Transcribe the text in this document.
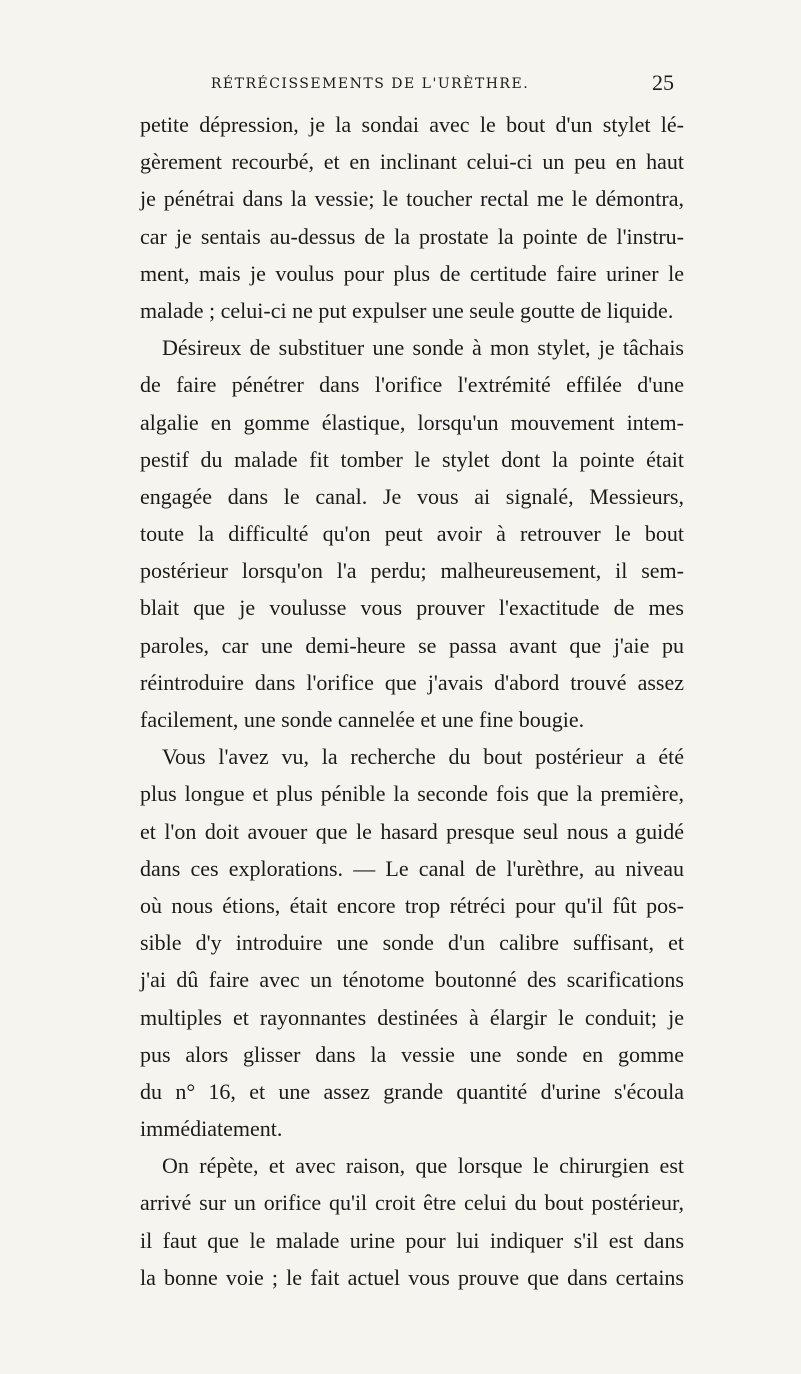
RÉTRÉCISSEMENTS DE L'URÈTHRE.	25
petite dépression, je la sondai avec le bout d'un stylet lé-
gèrement recourbé, et en inclinant celui-ci un peu en haut
je pénétrai dans la vessie; le toucher rectal me le démontra,
car je sentais au-dessus de la prostate la pointe de l'instru-
ment, mais je voulus pour plus de certitude faire uriner le
malade ; celui-ci ne put expulser une seule goutte de liquide.
Désireux de substituer une sonde à mon stylet, je tâchais
de faire pénétrer dans l'orifice l'extrémité effilée d'une
algalie en gomme élastique, lorsqu'un mouvement intem-
pestif du malade fit tomber le stylet dont la pointe était
engagée dans le canal. Je vous ai signalé, Messieurs,
toute la difficulté qu'on peut avoir à retrouver le bout
postérieur lorsqu'on l'a perdu; malheureusement, il sem-
blait que je voulusse vous prouver l'exactitude de mes
paroles, car une demi-heure se passa avant que j'aie pu
réintroduire dans l'orifice que j'avais d'abord trouvé assez
facilement, une sonde cannelée et une fine bougie.
Vous l'avez vu, la recherche du bout postérieur a été
plus longue et plus pénible la seconde fois que la première,
et l'on doit avouer que le hasard presque seul nous a guidé
dans ces explorations. — Le canal de l'urèthre, au niveau
où nous étions, était encore trop rétréci pour qu'il fût pos-
sible d'y introduire une sonde d'un calibre suffisant, et
j'ai dû faire avec un ténotome boutonné des scarifications
multiples et rayonnantes destinées à élargir le conduit; je
pus alors glisser dans la vessie une sonde en gomme
du n° 16, et une assez grande quantité d'urine s'écoula
immédiatement.
On répète, et avec raison, que lorsque le chirurgien est
arrivé sur un orifice qu'il croit être celui du bout postérieur,
il faut que le malade urine pour lui indiquer s'il est dans
la bonne voie ; le fait actuel vous prouve que dans certains
